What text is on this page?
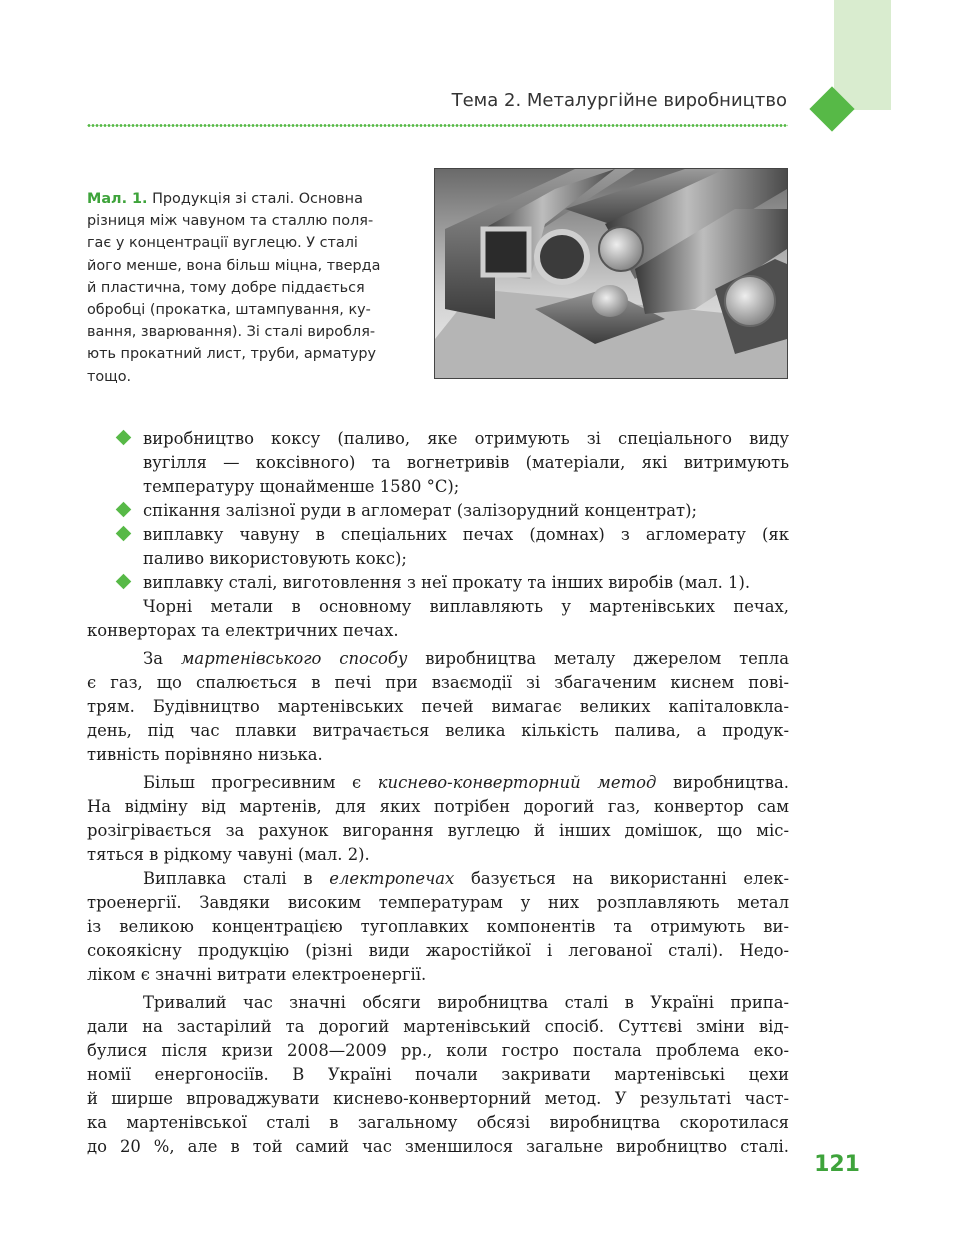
Тема 2. Металургійне виробництво
Мал. 1. Продукція зі сталі. Основна
різниця між чавуном та сталлю поля-
гає у концентрації вуглецю. У сталі
його менше, вона більш міцна, тверда
й пластична, тому добре піддається
обробці (прокатка, штампування, ку-
вання, зварювання). Зі сталі виробля-
ють прокатний лист, труби, арматуру
тощо.
виробництво коксу (паливо, яке отримують зі спеціального виду
вугілля — коксівного) та вогнетривів (матеріали, які витримують
температуру щонайменше 1580 °С);
спікання залізної руди в агломерат (залізорудний концентрат);
виплавку чавуну в спеціальних печах (домнах) з агломерату (як
паливо використовують кокс);
виплавку сталі, виготовлення з неї прокату та інших виробів (мал. 1).
Чорні метали в основному виплавляють у мартенівських печах,
конверторах та електричних печах.
За мартенівського способу виробництва металу джерелом тепла
є газ, що спалюється в печі при взаємодії зі збагаченим киснем пові-
трям. Будівництво мартенівських печей вимагає великих капіталовкла-
день, під час плавки витрачається велика кількість палива, а продук-
тивність порівняно низька.
Більш прогресивним є киснево-конверторний метод виробництва.
На відміну від мартенів, для яких потрібен дорогий газ, конвертор сам
розігрівається за рахунок вигорання вуглецю й інших домішок, що міс-
тяться в рідкому чавуні (мал. 2).
Виплавка сталі в електропечах базується на використанні елек-
троенергії. Завдяки високим температурам у них розплавляють метал
із великою концентрацією тугоплавких компонентів та отримують ви-
сокоякісну продукцію (різні види жаростійкої і легованої сталі). Недо-
ліком є значні витрати електроенергії.
Тривалий час значні обсяги виробництва сталі в Україні припа-
дали на застарілий та дорогий мартенівський спосіб. Суттєві зміни від-
булися після кризи 2008—2009 рр., коли гостро постала проблема еко-
номії енергоносіїв. В Україні почали закривати мартенівські цехи
й ширше впроваджувати киснево-конверторний метод. У результаті част-
ка мартенівської сталі в загальному обсязі виробництва скоротилася
до 20 %, але в той самий час зменшилося загальне виробництво сталі.
121
